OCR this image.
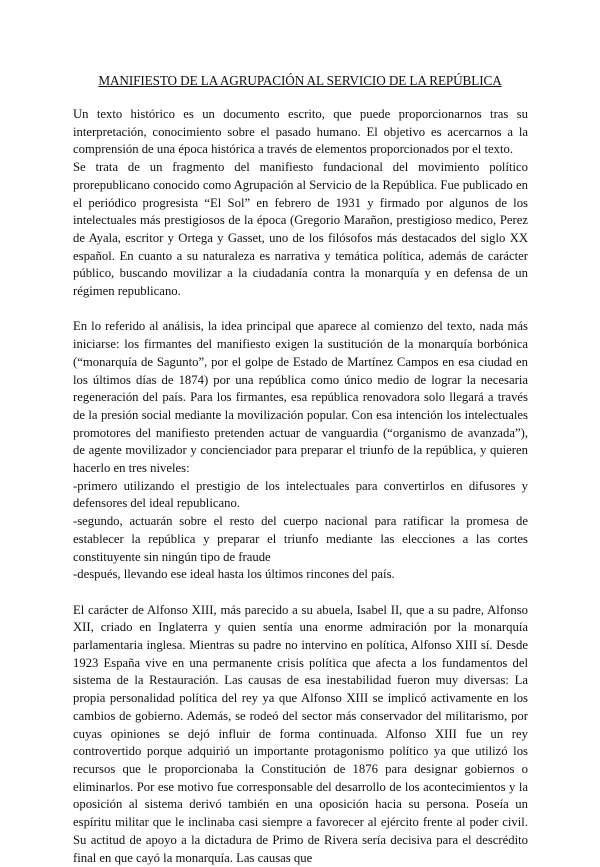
MANIFIESTO DE LA AGRUPACIÓN AL SERVICIO DE LA REPÚBLICA

Un texto histórico es un documento escrito, que puede proporcionarnos tras su interpretación, conocimiento sobre el pasado humano. El objetivo es acercarnos a la comprensión de una época histórica a través de elementos proporcionados por el texto.

Se trata de un fragmento del manifiesto fundacional del movimiento político prorepublicano conocido como Agrupación al Servicio de la República. Fue publicado en el periódico progresista “El Sol” en febrero de 1931 y firmado por algunos de los intelectuales más prestigiosos de la época (Gregorio Marañon, prestigioso medico, Perez de Ayala, escritor y Ortega y Gasset, uno de los filósofos más destacados del siglo XX español. En cuanto a su naturaleza es narrativa y temática política, además de carácter público, buscando movilizar a la ciudadanía contra la monarquía y en defensa de un régimen republicano.

En lo referido al análisis, la idea principal que aparece al comienzo del texto, nada más iniciarse: los firmantes del manifiesto exigen la sustitución de la monarquía borbónica (“monarquía de Sagunto”, por el golpe de Estado de Martínez Campos en esa ciudad en los últimos días de 1874) por una república como único medio de lograr la necesaria regeneración del país. Para los firmantes, esa república renovadora solo llegará a través de la presión social mediante la movilización popular. Con esa intención los intelectuales promotores del manifiesto pretenden actuar de vanguardia (“organismo de avanzada”), de agente movilizador y concienciador para preparar el triunfo de la república, y quieren hacerlo en tres niveles:

-primero utilizando el prestigio de los intelectuales para convertirlos en difusores y defensores del ideal republicano.

-segundo, actuarán sobre el resto del cuerpo nacional para ratificar la promesa de establecer la república y preparar el triunfo mediante las elecciones a las cortes constituyente sin ningún tipo de fraude

-después, llevando ese ideal hasta los últimos rincones del país.

El carácter de Alfonso XIII, más parecido a su abuela, Isabel II, que a su padre, Alfonso XII, criado en Inglaterra y quien sentía una enorme admiración por la monarquía parlamentaria inglesa. Mientras su padre no intervino en política, Alfonso XIII sí. Desde 1923 España vive en una permanente crisis política que afecta a los fundamentos del sistema de la Restauración. Las causas de esa inestabilidad fueron muy diversas: La propia personalidad política del rey ya que Alfonso XIII se implicó activamente en los cambios de gobierno. Además, se rodeó del sector más conservador del militarismo, por cuyas opiniones se dejó influir de forma continuada. Alfonso XIII fue un rey controvertido porque adquirió un importante protagonismo político ya que utilizó los recursos que le proporcionaba la Constitución de 1876 para designar gobiernos o eliminarlos. Por ese motivo fue corresponsable del desarrollo de los acontecimientos y la oposición al sistema derivó también en una oposición hacia su persona. Poseía un espíritu militar que le inclinaba casi siempre a favorecer al ejército frente al poder civil. Su actitud de apoyo a la dictadura de Primo de Rivera sería decisiva para el descrédito final en que cayó la monarquía. Las causas que
